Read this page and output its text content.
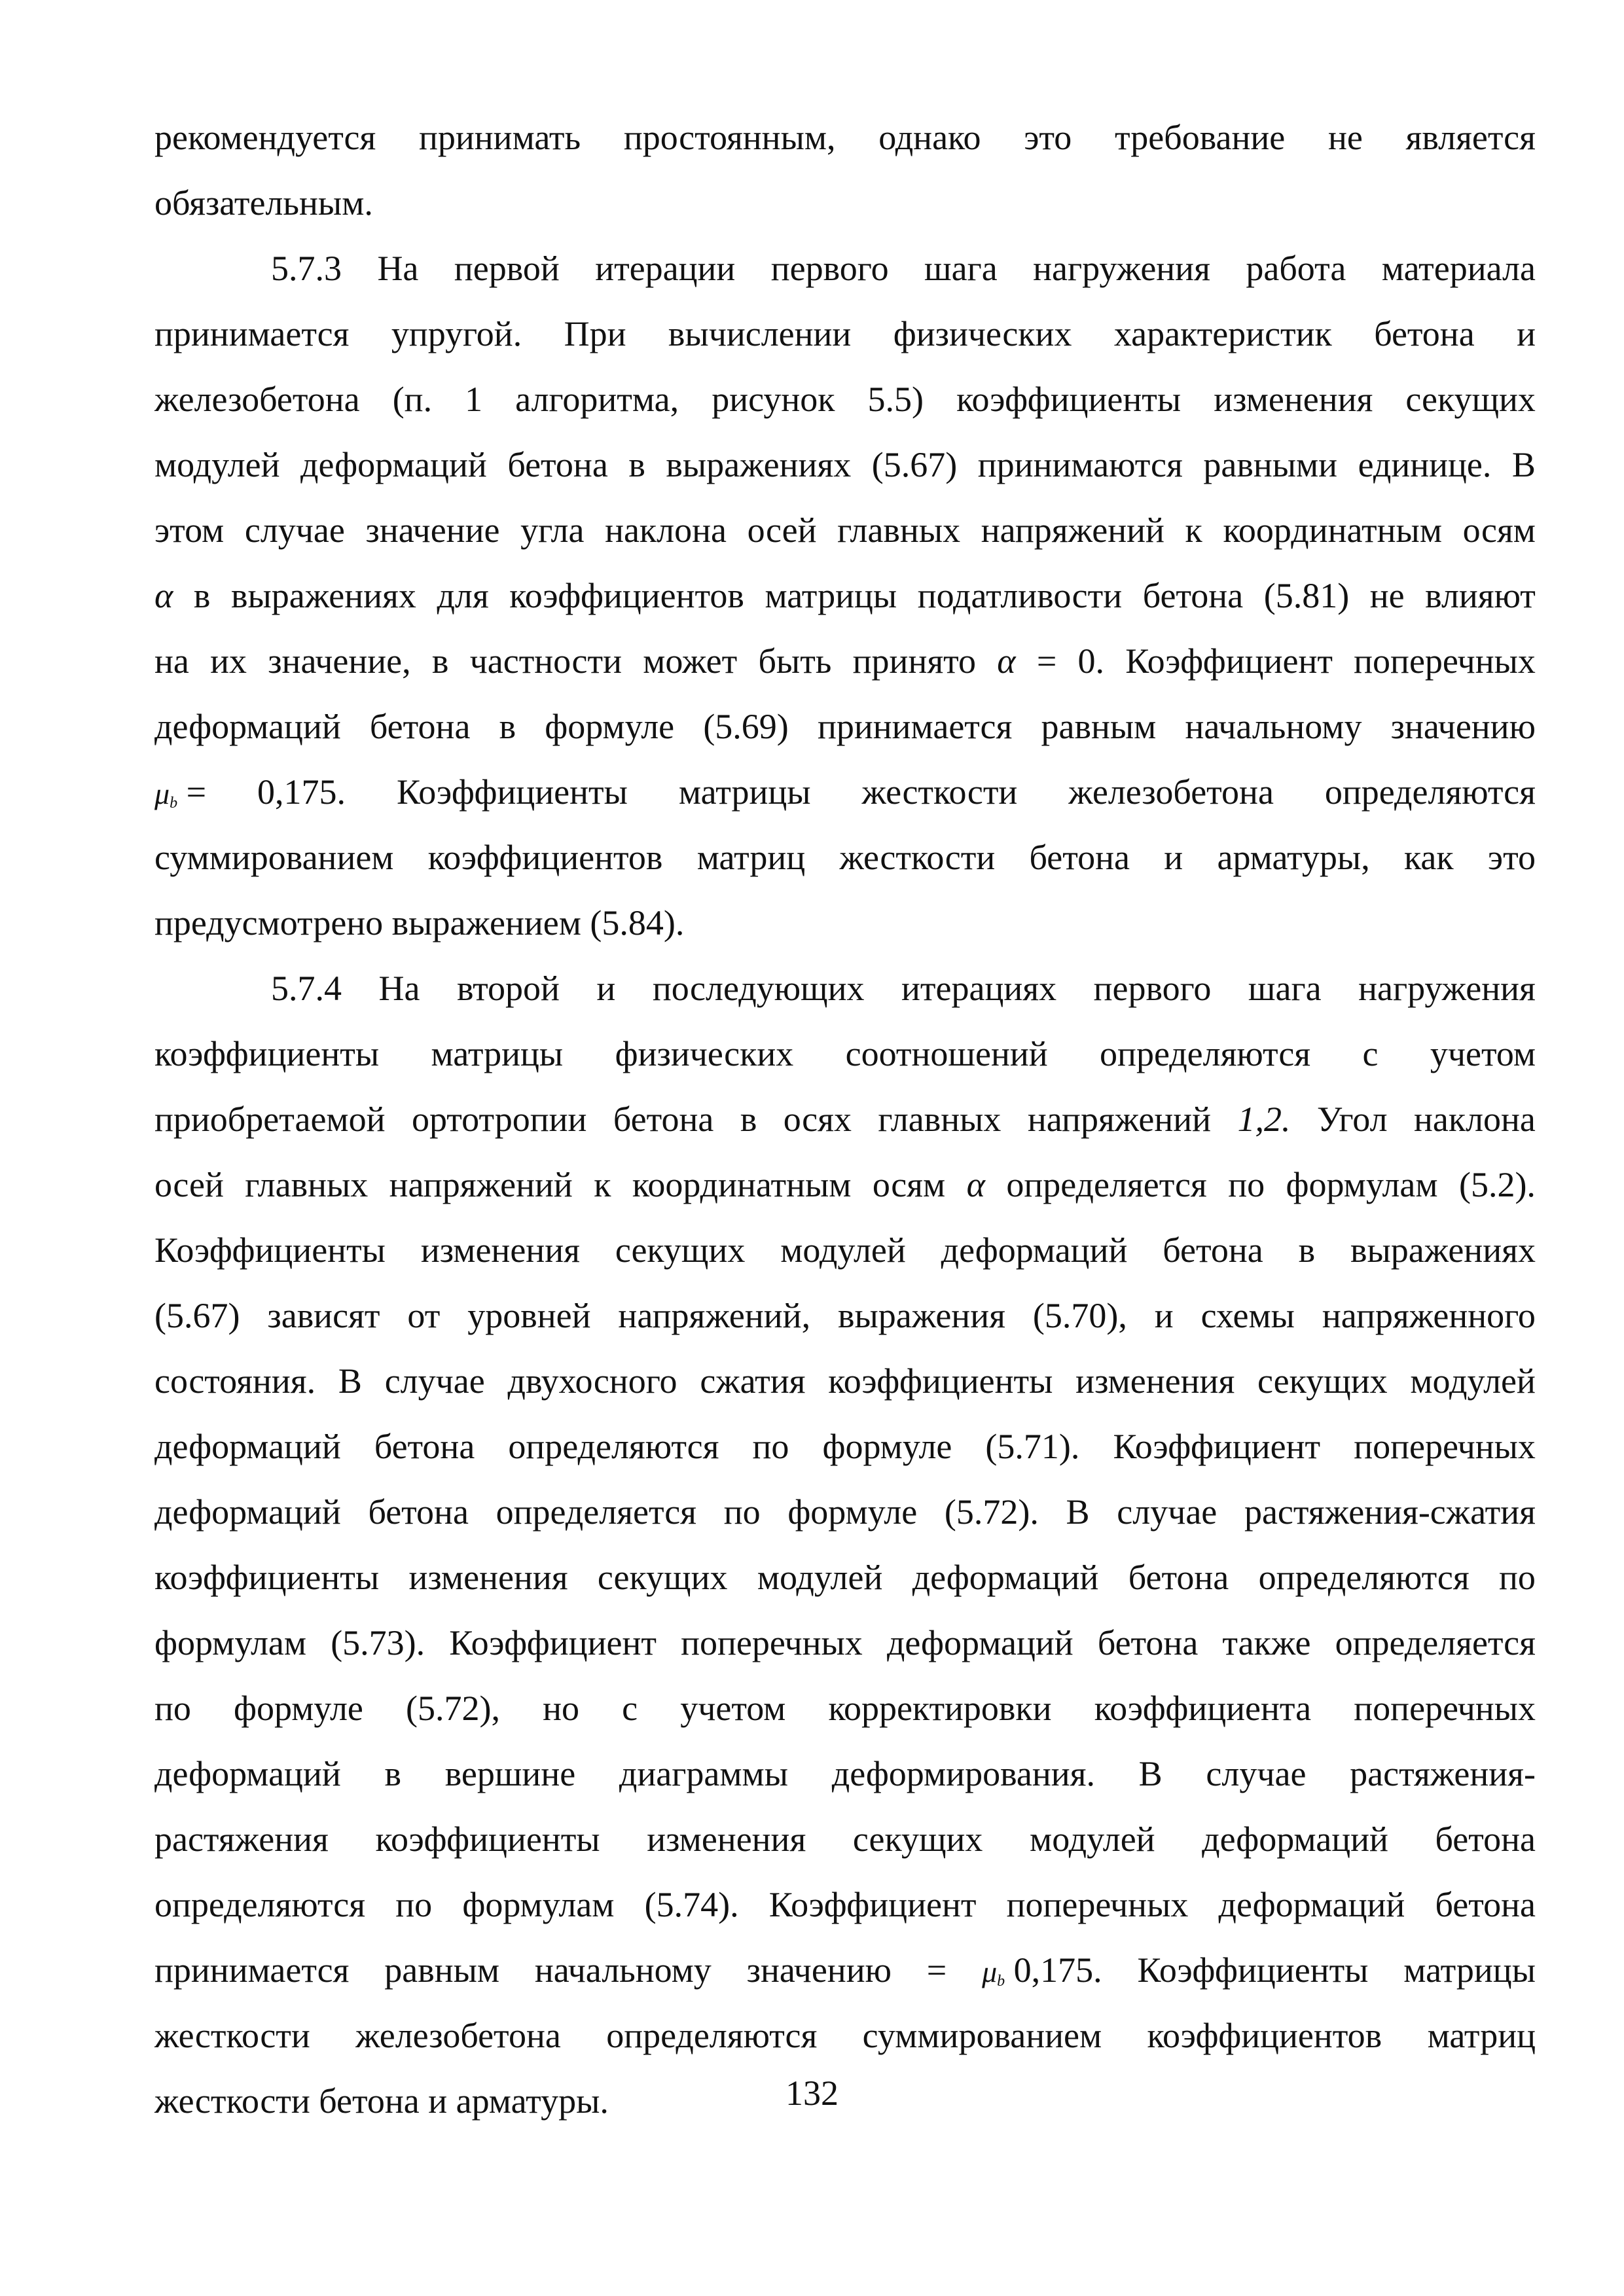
рекомендуется принимать простоянным, однако это требование не является
обязательным.
5.7.3 На первой итерации первого шага нагружения работа материала
принимается упругой. При вычислении физических характеристик бетона и
железобетона (п. 1 алгоритма, рисунок 5.5) коэффициенты изменения секущих
модулей деформаций бетона в выражениях (5.67) принимаются равными единице. В
этом случае значение угла наклона осей главных напряжений к координатным осям
α в выражениях для коэффициентов матрицы податливости бетона (5.81) не влияют
на их значение, в частности может быть принято α = 0. Коэффициент поперечных
деформаций бетона в формуле (5.69) принимается равным начальному значению
$\mu_b = 0,175$. Коэффициенты матрицы жесткости железобетона определяются
суммированием коэффициентов матриц жесткости бетона и арматуры, как это
предусмотрено выражением (5.84).
5.7.4 На второй и последующих итерациях первого шага нагружения
коэффициенты матрицы физических соотношений определяются с учетом
приобретаемой ортотропии бетона в осях главных напряжений 1,2. Угол наклона
осей главных напряжений к координатным осям α определяется по формулам (5.2).
Коэффициенты изменения секущих модулей деформаций бетона в выражениях
(5.67) зависят от уровней напряжений, выражения (5.70), и схемы напряженного
состояния. В случае двухосного сжатия коэффициенты изменения секущих модулей
деформаций бетона определяются по формуле (5.71). Коэффициент поперечных
деформаций бетона определяется по формуле (5.72). В случае растяжения-сжатия
коэффициенты изменения секущих модулей деформаций бетона определяются по
формулам (5.73). Коэффициент поперечных деформаций бетона также определяется
по формуле (5.72), но с учетом корректировки коэффициента поперечных
деформаций в вершине диаграммы деформирования. В случае растяжения-
растяжения коэффициенты изменения секущих модулей деформаций бетона
определяются по формулам (5.74). Коэффициент поперечных деформаций бетона
принимается равным начальному значению = $\mu_b$ 0,175. Коэффициенты матрицы
жесткости железобетона определяются суммированием коэффициентов матриц
жесткости бетона и арматуры.	132
